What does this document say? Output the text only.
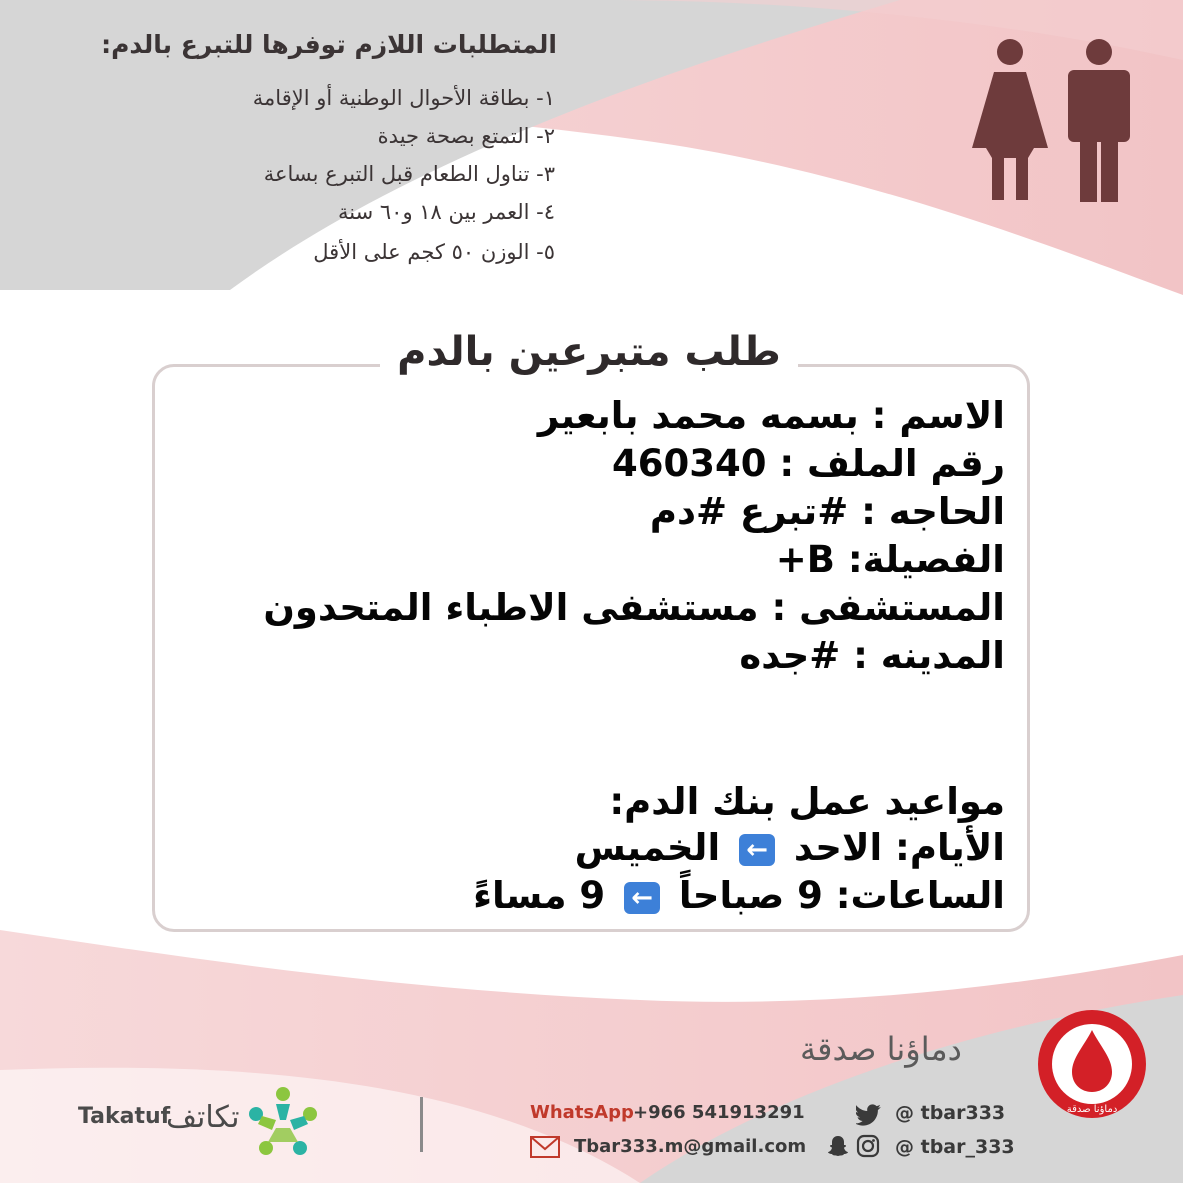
المتطلبات اللازم توفرها للتبرع بالدم:
١- بطاقة الأحوال الوطنية أو الإقامة
٢- التمتع بصحة جيدة
٣- تناول الطعام قبل التبرع بساعة
٤- العمر بين ١٨ و٦٠ سنة
٥- الوزن ٥٠ كجم على الأقل
طلب متبرعين بالدم
الاسم : بسمه محمد بابعير
رقم الملف : 460340
الحاجه : #تبرع #دم
الفصيلة: B+
المستشفى : مستشفى الاطباء المتحدون
المدينه : #جده
مواعيد عمل بنك الدم:
الأيام: الاحد ← الخميس
الساعات: 9 صباحاً ← 9 مساءً
دماؤنا صدقة
دماؤنا صدقة
تكاتف
Takatuf	WhatsApp +966 541913291
Tbar333.m@gmail.com
@ tbar333
@ tbar_333
